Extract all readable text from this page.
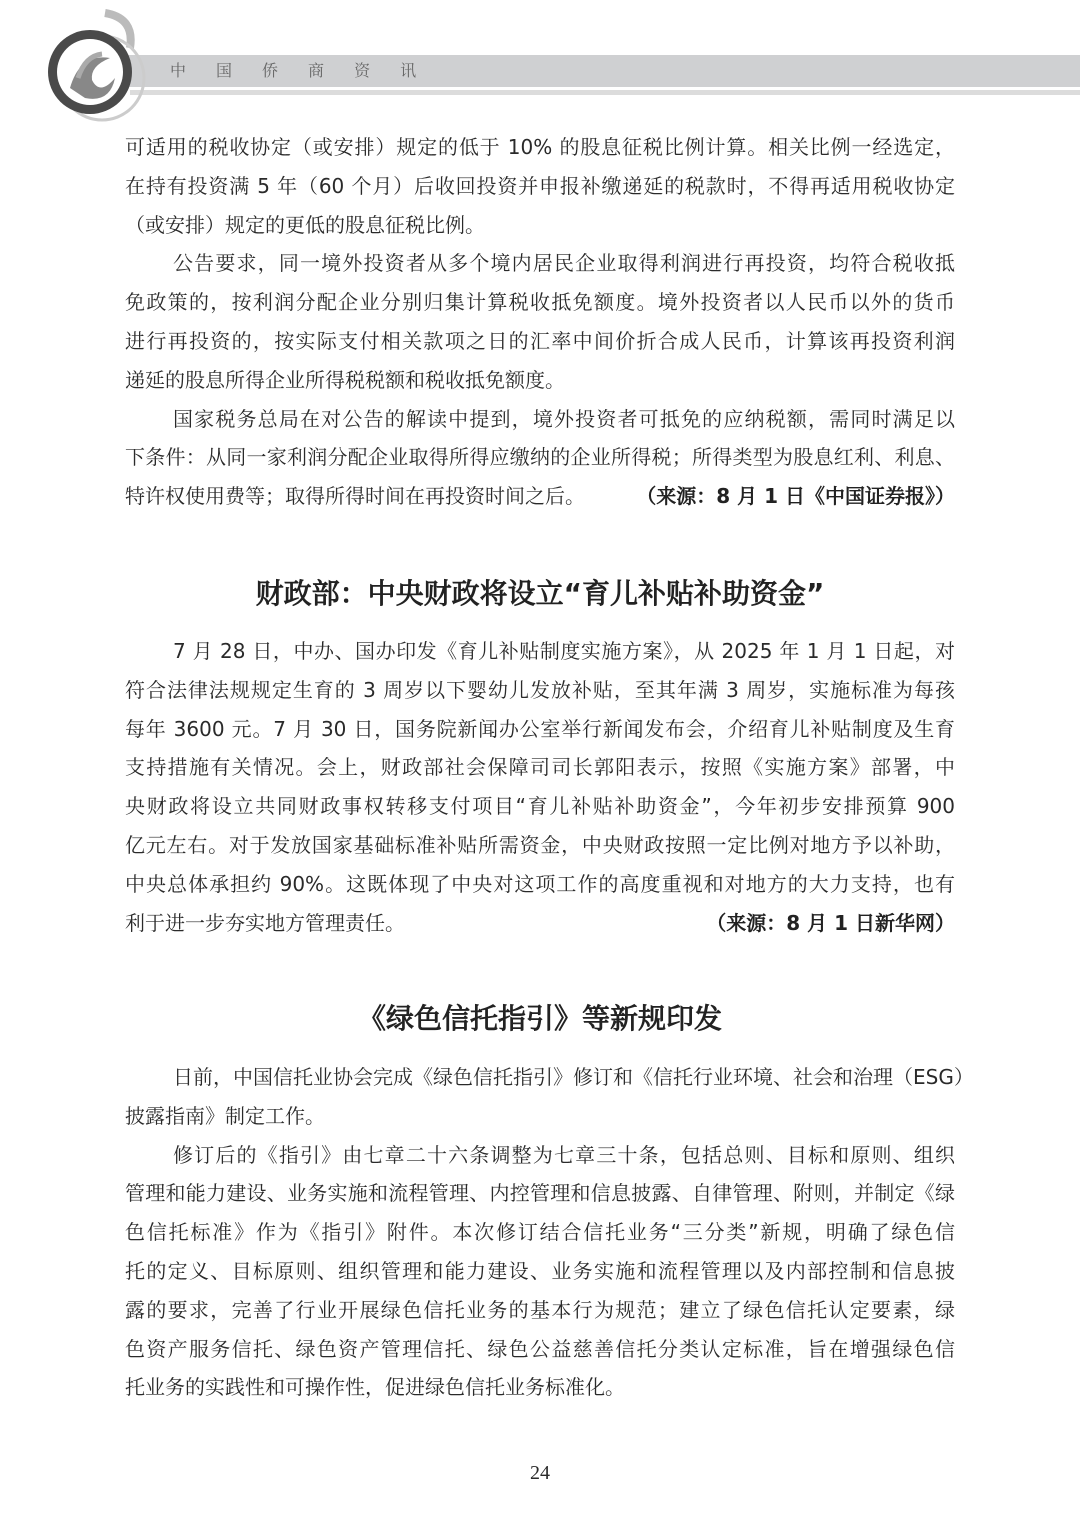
中 国 侨 商 资 讯
可适用的税收协定（或安排）规定的低于 10% 的股息征税比例计算。相关比例一经选定，
在持有投资满 5 年（60 个月）后收回投资并申报补缴递延的税款时，不得再适用税收协定
（或安排）规定的更低的股息征税比例。
公告要求，同一境外投资者从多个境内居民企业取得利润进行再投资，均符合税收抵
免政策的，按利润分配企业分别归集计算税收抵免额度。境外投资者以人民币以外的货币
进行再投资的，按实际支付相关款项之日的汇率中间价折合成人民币，计算该再投资利润
递延的股息所得企业所得税税额和税收抵免额度。
国家税务总局在对公告的解读中提到，境外投资者可抵免的应纳税额，需同时满足以
下条件：从同一家利润分配企业取得所得应缴纳的企业所得税；所得类型为股息红利、利息、
特许权使用费等；取得所得时间在再投资时间之后。	（来源：8 月 1 日《中国证券报》）
财政部：中央财政将设立“育儿补贴补助资金”
7 月 28 日，中办、国办印发《育儿补贴制度实施方案》，从 2025 年 1 月 1 日起，对
符合法律法规规定生育的 3 周岁以下婴幼儿发放补贴，至其年满 3 周岁，实施标准为每孩
每年 3600 元。7 月 30 日，国务院新闻办公室举行新闻发布会，介绍育儿补贴制度及生育
支持措施有关情况。会上，财政部社会保障司司长郭阳表示，按照《实施方案》部署，中
央财政将设立共同财政事权转移支付项目“育儿补贴补助资金”，今年初步安排预算 900
亿元左右。对于发放国家基础标准补贴所需资金，中央财政按照一定比例对地方予以补助，
中央总体承担约 90%。这既体现了中央对这项工作的高度重视和对地方的大力支持，也有
利于进一步夯实地方管理责任。	（来源：8 月 1 日新华网）
《绿色信托指引》等新规印发
日前，中国信托业协会完成《绿色信托指引》修订和《信托行业环境、社会和治理（ESG）
披露指南》制定工作。
修订后的《指引》由七章二十六条调整为七章三十条，包括总则、目标和原则、组织
管理和能力建设、业务实施和流程管理、内控管理和信息披露、自律管理、附则，并制定《绿
色信托标准》作为《指引》附件。本次修订结合信托业务“三分类”新规，明确了绿色信
托的定义、目标原则、组织管理和能力建设、业务实施和流程管理以及内部控制和信息披
露的要求，完善了行业开展绿色信托业务的基本行为规范；建立了绿色信托认定要素，绿
色资产服务信托、绿色资产管理信托、绿色公益慈善信托分类认定标准，旨在增强绿色信
托业务的实践性和可操作性，促进绿色信托业务标准化。
24
